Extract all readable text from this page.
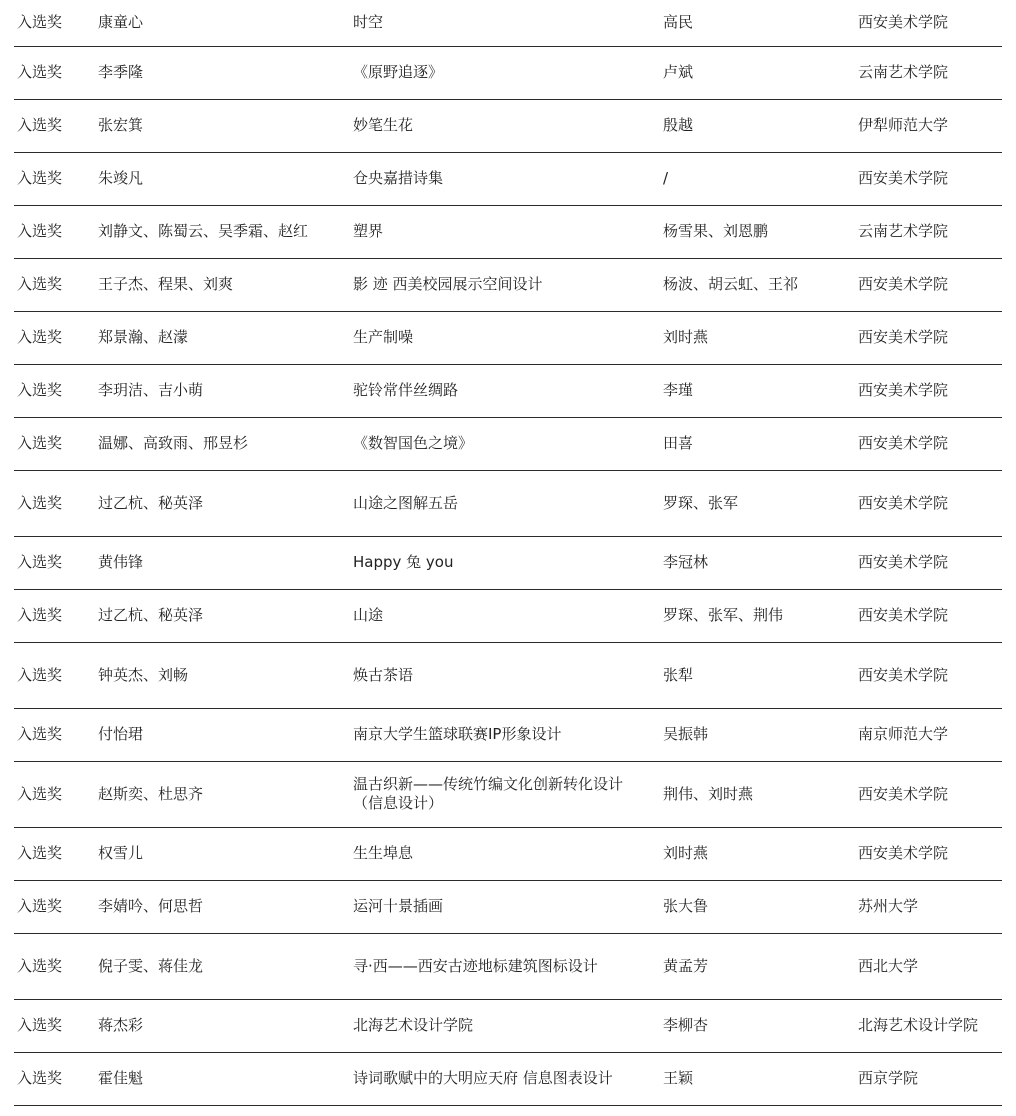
入选奖	康童心	时空	高民	西安美术学院
入选奖	李季隆	《原野追逐》	卢斌	云南艺术学院
入选奖	张宏箕	妙笔生花	殷越	伊犁师范大学
入选奖	朱竣凡	仓央嘉措诗集	/	西安美术学院
入选奖	刘静文、陈蜀云、吴季霜、赵红	塑界	杨雪果、刘恩鹏	云南艺术学院
入选奖	王子杰、程果、刘爽	影 迹 西美校园展示空间设计	杨波、胡云虹、王祁	西安美术学院
入选奖	郑景瀚、赵濛	生产制噪	刘时燕	西安美术学院
入选奖	李玥洁、吉小萌	驼铃常伴丝绸路	李瑾	西安美术学院
入选奖	温娜、高致雨、邢昱杉	《数智国色之境》	田喜	西安美术学院
入选奖	过乙杭、秘英泽	山途之图解五岳	罗琛、张军	西安美术学院
入选奖	黄伟锋	Happy 兔 you	李冠林	西安美术学院
入选奖	过乙杭、秘英泽	山途	罗琛、张军、荆伟	西安美术学院
入选奖	钟英杰、刘畅	焕古茶语	张犁	西安美术学院
入选奖	付怡珺	南京大学生篮球联赛IP形象设计	吴振韩	南京师范大学
入选奖	赵斯奕、杜思齐	温古织新——传统竹编文化创新转化设计（信息设计）	荆伟、刘时燕	西安美术学院
入选奖	权雪儿	生生埠息	刘时燕	西安美术学院
入选奖	李婧吟、何思哲	运河十景插画	张大鲁	苏州大学
入选奖	倪子雯、蒋佳龙	寻·西——西安古迹地标建筑图标设计	黄孟芳	西北大学
入选奖	蒋杰彩	北海艺术设计学院	李柳杏	北海艺术设计学院
入选奖	霍佳魁	诗词歌赋中的大明应天府 信息图表设计	王颖	西京学院
